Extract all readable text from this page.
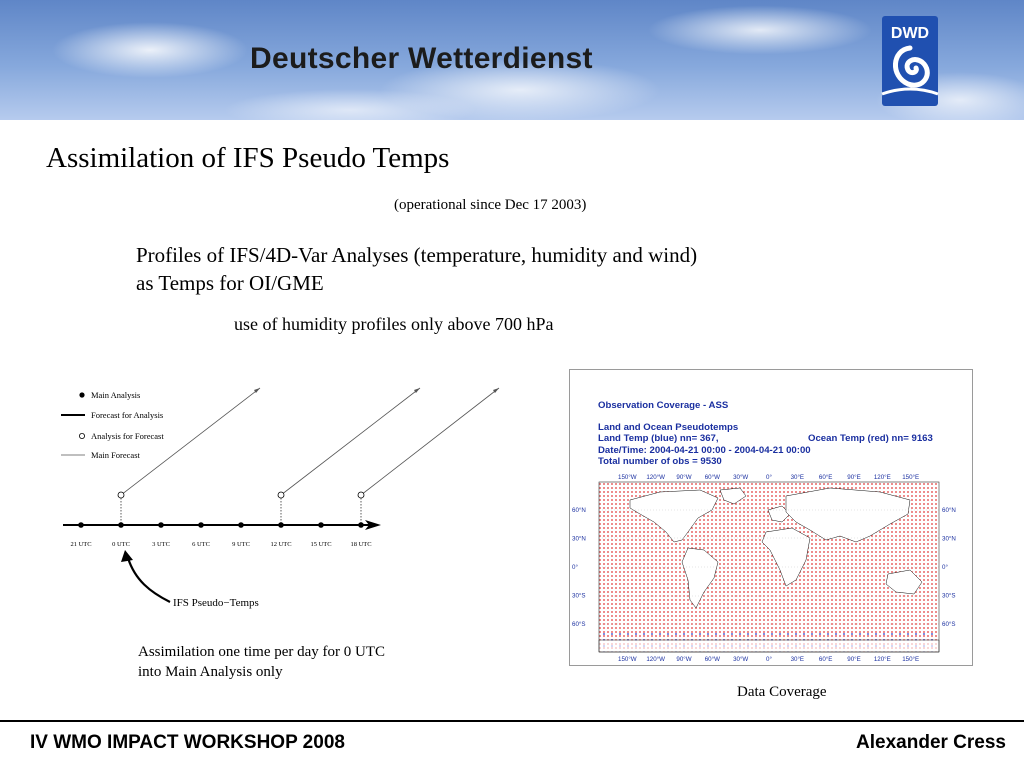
Deutscher Wetterdienst
DWD
Assimilation of IFS Pseudo Temps
(operational since Dec 17 2003)
Profiles of IFS/4D-Var Analyses (temperature, humidity and wind)
as Temps for OI/GME
use of humidity profiles only above 700 hPa
Main Analysis
Forecast for Analysis
Analysis for Forecast
Main Forecast
21 UTC	0 UTC	3 UTC	6 UTC	9 UTC	12 UTC	15 UTC	18 UTC
IFS Pseudo−Temps
Assimilation one time per day for 0 UTC
into Main Analysis only
Observation Coverage - ASS
Land and Ocean Pseudotemps
Land Temp (blue) nn= 367,	Ocean Temp (red) nn= 9163
Date/Time: 2004-04-21 00:00 - 2004-04-21 00:00
Total number of obs = 9530
150°W 120°W 90°W 60°W 30°W	0°	30°E 60°E 90°E 120°E 150°E
150°W 120°W 90°W 60°W 30°W	0°	30°E 60°E 90°E 120°E 150°E
60°N
30°N
0°
30°S
60°S
60°N
30°N
0°
30°S
60°S
Data Coverage
IV WMO IMPACT WORKSHOP 2008	Alexander Cress
